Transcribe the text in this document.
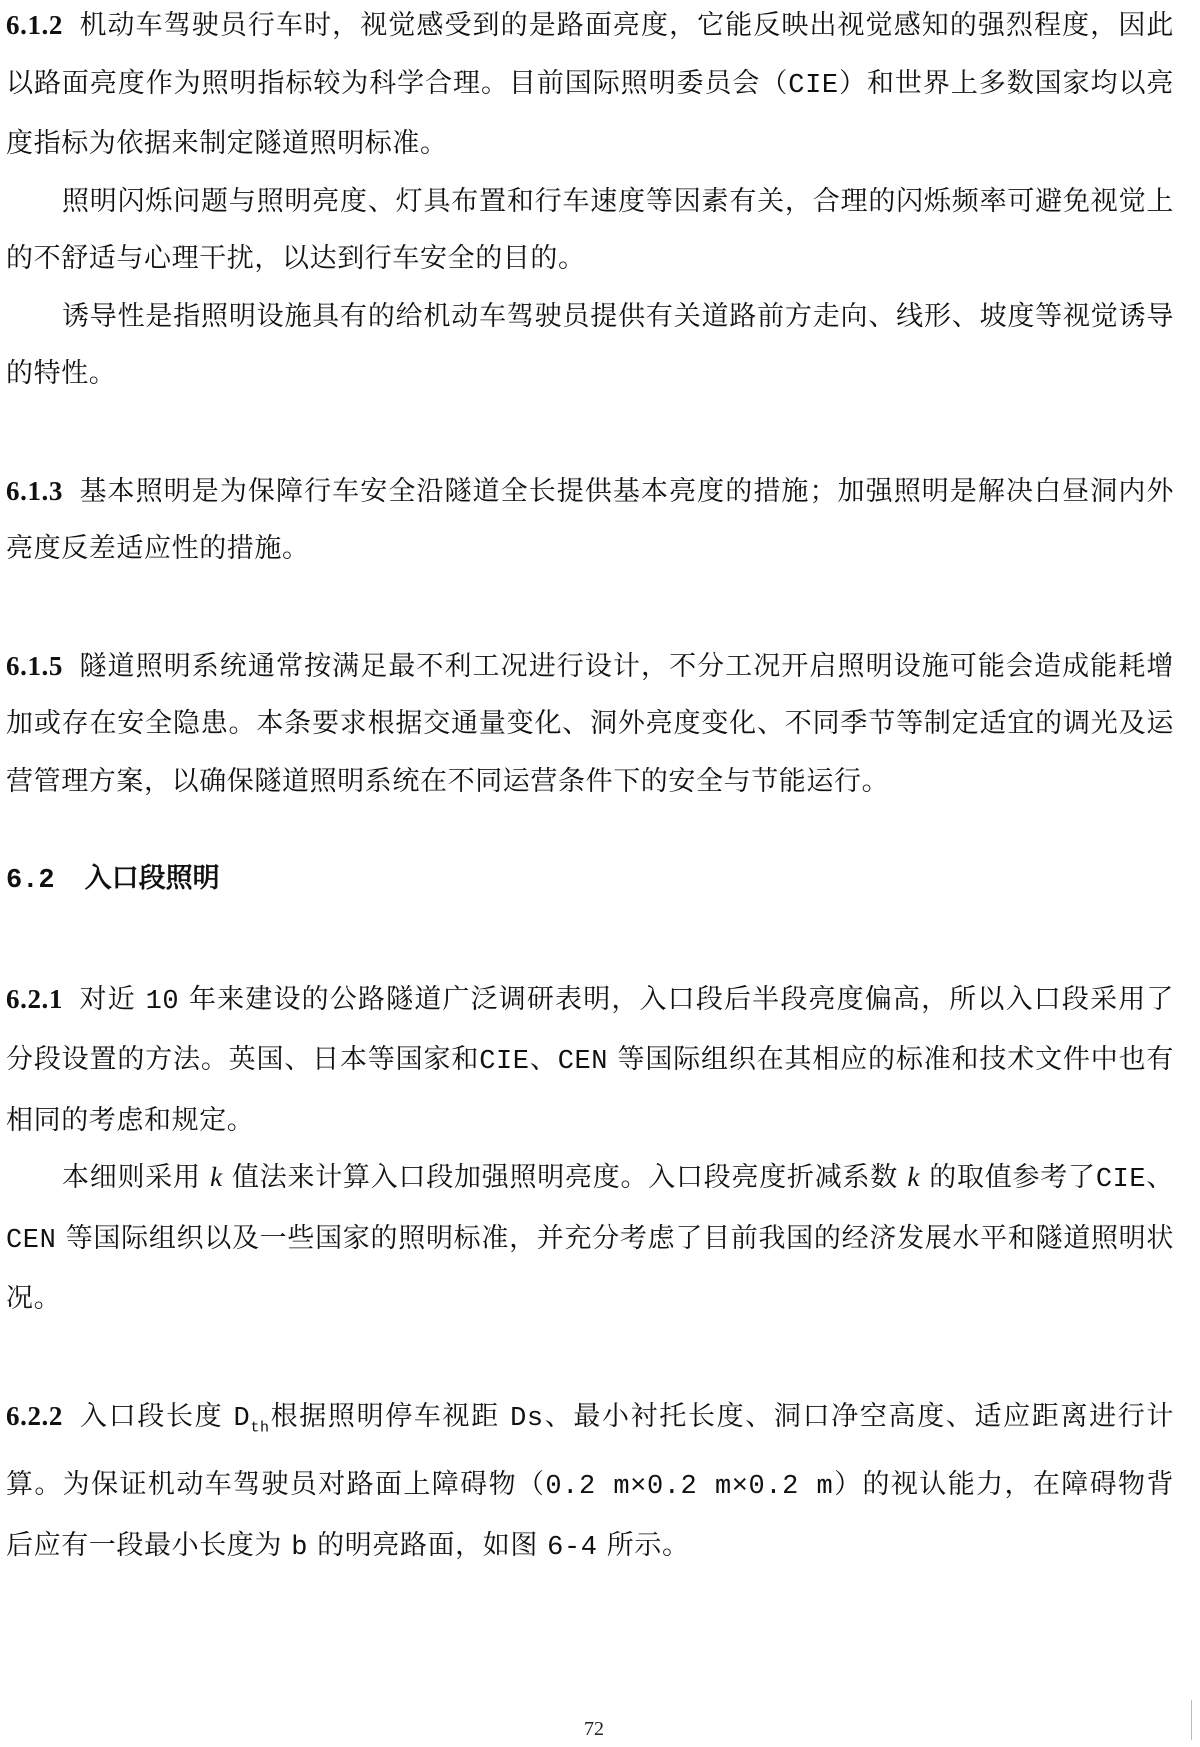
6.1.2 机动车驾驶员行车时，视觉感受到的是路面亮度，它能反映出视觉感知的强烈程度，因此以路面亮度作为照明指标较为科学合理。目前国际照明委员会（CIE）和世界上多数国家均以亮度指标为依据来制定隧道照明标准。

照明闪烁问题与照明亮度、灯具布置和行车速度等因素有关，合理的闪烁频率可避免视觉上的不舒适与心理干扰，以达到行车安全的目的。

诱导性是指照明设施具有的给机动车驾驶员提供有关道路前方走向、线形、坡度等视觉诱导的特性。

6.1.3 基本照明是为保障行车安全沿隧道全长提供基本亮度的措施；加强照明是解决白昼洞内外亮度反差适应性的措施。

6.1.5 隧道照明系统通常按满足最不利工况进行设计，不分工况开启照明设施可能会造成能耗增加或存在安全隐患。本条要求根据交通量变化、洞外亮度变化、不同季节等制定适宜的调光及运营管理方案，以确保隧道照明系统在不同运营条件下的安全与节能运行。

6.2 入口段照明

6.2.1 对近 10 年来建设的公路隧道广泛调研表明，入口段后半段亮度偏高，所以入口段采用了分段设置的方法。英国、日本等国家和CIE、CEN 等国际组织在其相应的标准和技术文件中也有相同的考虑和规定。

本细则采用 k 值法来计算入口段加强照明亮度。入口段亮度折减系数 k 的取值参考了CIE、CEN 等国际组织以及一些国家的照明标准，并充分考虑了目前我国的经济发展水平和隧道照明状况。

6.2.2 入口段长度 $D_{th}$根据照明停车视距 Ds、最小衬托长度、洞口净空高度、适应距离进行计算。为保证机动车驾驶员对路面上障碍物（0.2 m×0.2 m×0.2 m）的视认能力，在障碍物背后应有一段最小长度为 b 的明亮路面，如图 6-4 所示。

72
